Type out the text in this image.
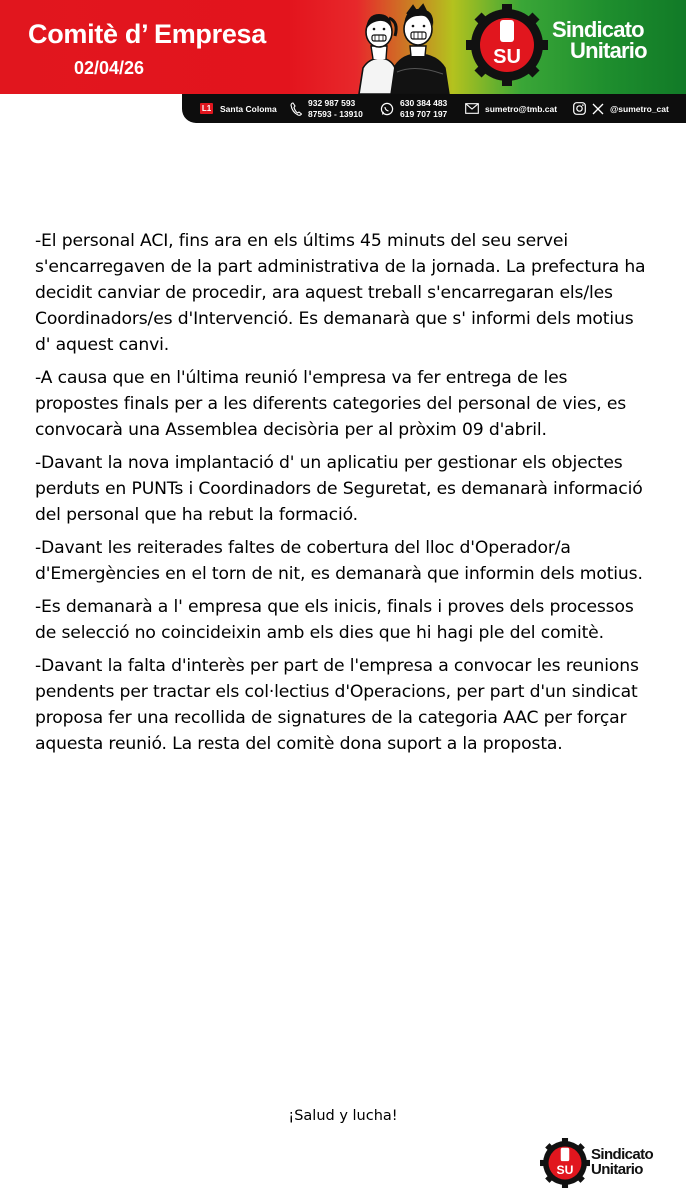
Comitè d’ Empresa
02/04/26	SU
Sindicato
Unitario
L1 Santa Coloma
932 987 593
87593 - 13910
630 384 483
619 707 197	sumetro@tmb.cat	@sumetro_cat

-El personal ACI, fins ara en els últims 45 minuts del seu servei s'encarregaven de la part administrativa de la jornada. La prefectura ha decidit canviar de procedir, ara aquest treball s'encarregaran els/les Coordinadors/es d'Intervenció. Es demanarà que s' informi dels motius d' aquest canvi.

-A causa que en l'última reunió l'empresa va fer entrega de les propostes finals per a les diferents categories del personal de vies, es convocarà una Assemblea decisòria per al pròxim 09 d'abril.

-Davant la nova implantació d' un aplicatiu per gestionar els objectes perduts en PUNTs i Coordinadors de Seguretat, es demanarà informació del personal que ha rebut la formació.

-Davant les reiterades faltes de cobertura del lloc d'Operador/a d'Emergències en el torn de nit, es demanarà que informin dels motius.

-Es demanarà a l' empresa que els inicis, finals i proves dels processos de selecció no coincideixin amb els dies que hi hagi ple del comitè.

-Davant la falta d'interès per part de l'empresa a convocar les reunions pendents per tractar els col·lectius d'Operacions, per part d'un sindicat proposa fer una recollida de signatures de la categoria AAC per forçar aquesta reunió. La resta del comitè dona suport a la proposta.

¡Salud y lucha!
SU
Sindicato
Unitario
